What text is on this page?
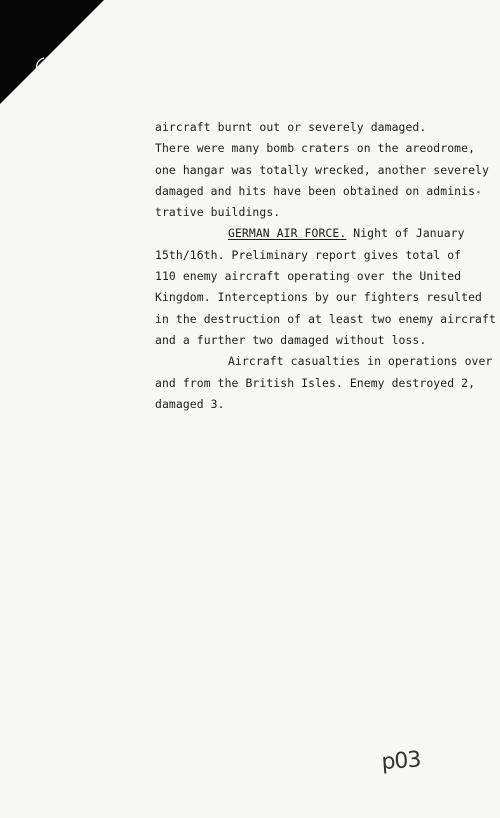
aircraft burnt out or severely damaged.
There were many bomb craters on the areodrome,
one hangar was totally wrecked, another severely
damaged and hits have been obtained on adminis-
trative buildings.
GERMAN AIR FORCE. Night of January
15th/16th. Preliminary report gives total of
110 enemy aircraft operating over the United
Kingdom. Interceptions by our fighters resulted
in the destruction of at least two enemy aircraft
and a further two damaged without loss.
Aircraft casualties in operations over
and from the British Isles. Enemy destroyed 2,
damaged 3.
p03
